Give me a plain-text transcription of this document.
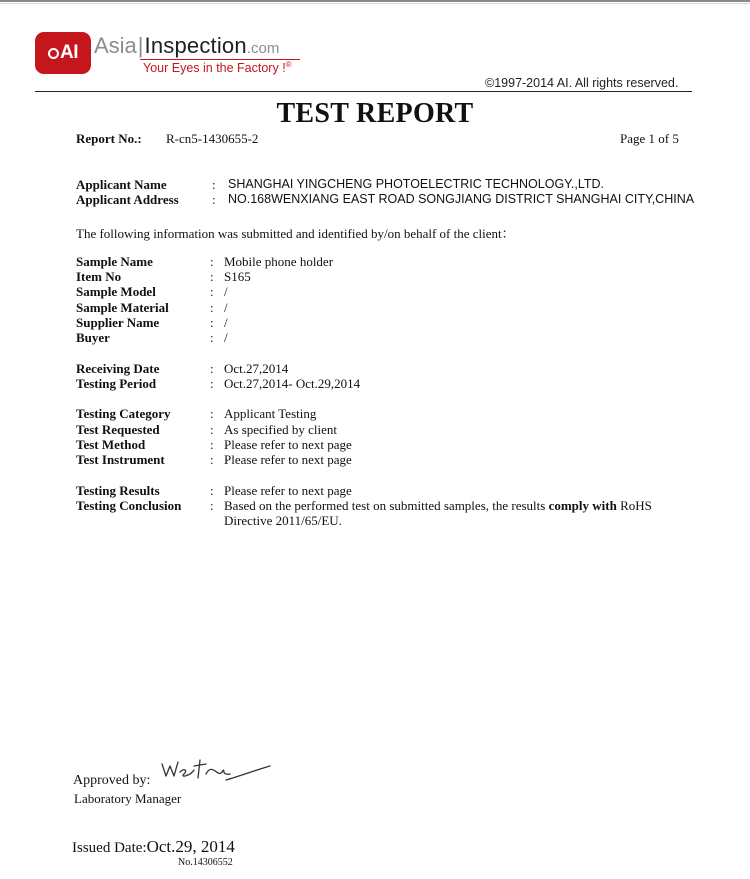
AI Asia|Inspection.com
Your Eyes in the Factory !®
©1997-2014 AI. All rights reserved.
TEST REPORT
Report No.: R-cn5-1430655-2	Page 1 of 5
Applicant Name	: SHANGHAI YINGCHENG PHOTOELECTRIC TECHNOLOGY.,LTD.
Applicant Address	: NO.168WENXIANG EAST ROAD SONGJIANG DISTRICT SHANGHAI CITY,CHINA
The following information was submitted and identified by/on behalf of the client：
Sample Name	: Mobile phone holder
Item No	: S165
Sample Model	: /
Sample Material	: /
Supplier Name	: /
Buyer	: /
Receiving Date	: Oct.27,2014
Testing Period	: Oct.27,2014- Oct.29,2014
Testing Category	: Applicant Testing
Test Requested	: As specified by client
Test Method	: Please refer to next page
Test Instrument	: Please refer to next page
Testing Results	: Please refer to next page
Testing Conclusion : Based on the performed test on submitted samples, the results comply with RoHS Directive 2011/65/EU.
Approved by:
Laboratory Manager
Issued Date:Oct.29, 2014
No.14306552
